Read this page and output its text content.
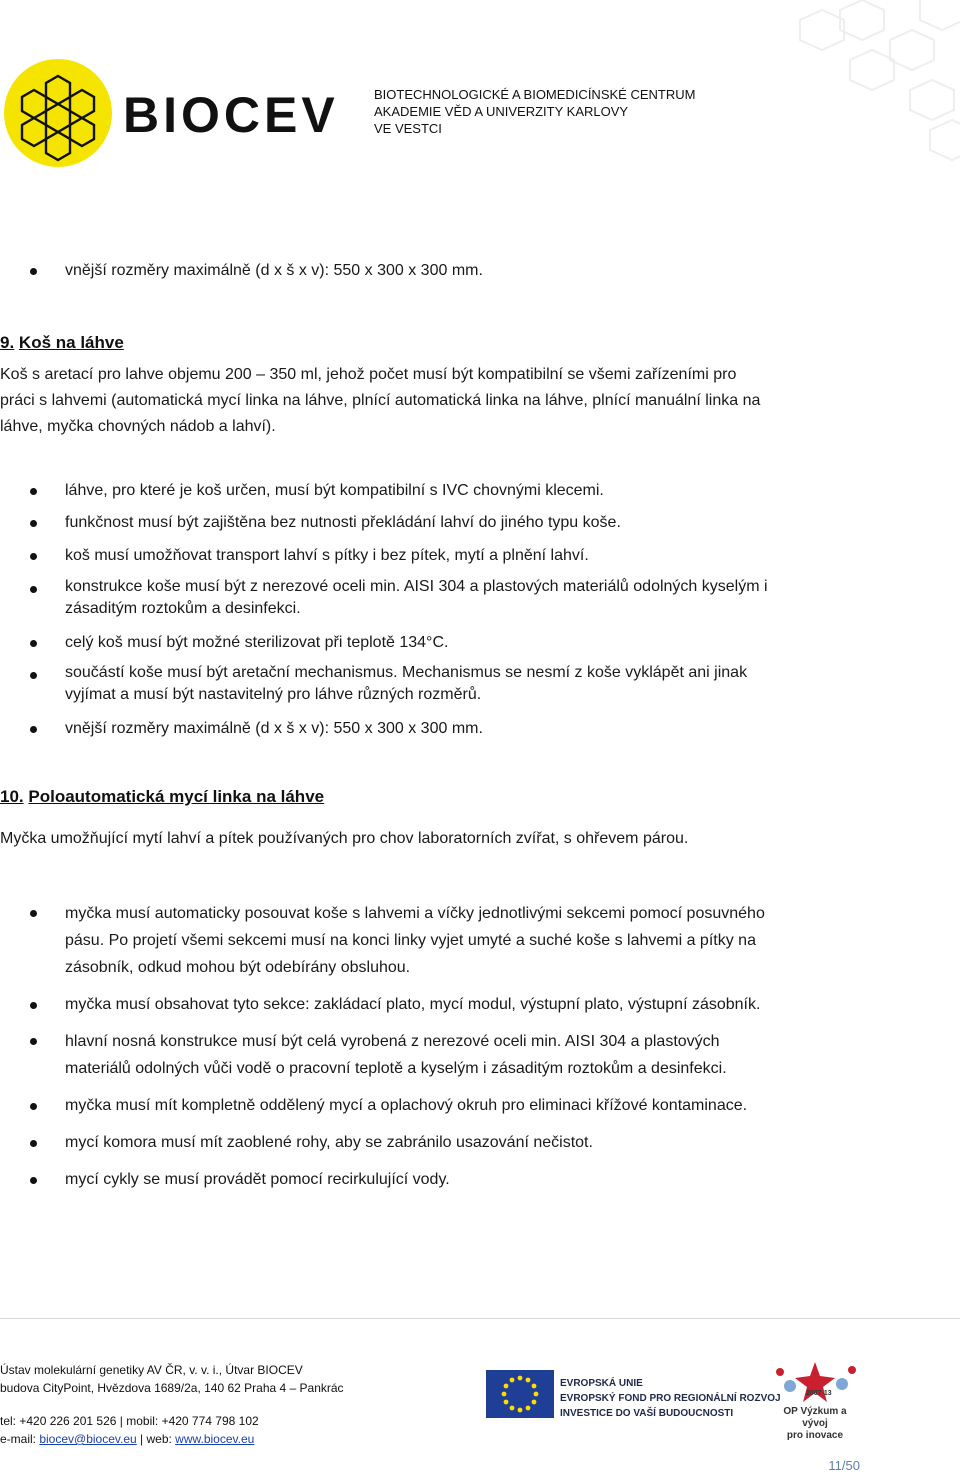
BIOCEV	BIOTECHNOLOGICKÉ A BIOMEDICÍNSKÉ CENTRUM
AKADEMIE VĚD A UNIVERZITY KARLOVY
VE VESTCI
vnější rozměry maximálně (d x š x v): 550 x 300 x 300 mm.
9. Koš na láhve
Koš s aretací pro lahve objemu 200 – 350 ml, jehož počet musí být kompatibilní se všemi zařízeními pro
práci s lahvemi (automatická mycí linka na láhve, plnící automatická linka na láhve, plnící manuální linka na
láhve, myčka chovných nádob a lahví).
láhve, pro které je koš určen, musí být kompatibilní s IVC chovnými klecemi.
funkčnost musí být zajištěna bez nutnosti překládání lahví do jiného typu koše.
koš musí umožňovat transport lahví s pítky i bez pítek, mytí a plnění lahví.
konstrukce koše musí být z nerezové oceli min. AISI 304 a plastových materiálů odolných kyselým i
zásaditým roztokům a desinfekci.
celý koš musí být možné sterilizovat při teplotě 134°C.
součástí koše musí být aretační mechanismus. Mechanismus se nesmí z koše vyklápět ani jinak
vyjímat a musí být nastavitelný pro láhve různých rozměrů.
vnější rozměry maximálně (d x š x v): 550 x 300 x 300 mm.
10. Poloautomatická mycí linka na láhve
Myčka umožňující mytí lahví a pítek používaných pro chov laboratorních zvířat, s ohřevem párou.
myčka musí automaticky posouvat koše s lahvemi a víčky jednotlivými sekcemi pomocí posuvného
pásu. Po projetí všemi sekcemi musí na konci linky vyjet umyté a suché koše s lahvemi a pítky na
zásobník, odkud mohou být odebírány obsluhou.
myčka musí obsahovat tyto sekce: zakládací plato, mycí modul, výstupní plato, výstupní zásobník.
hlavní nosná konstrukce musí být celá vyrobená z nerezové oceli min. AISI 304 a plastových
materiálů odolných vůči vodě o pracovní teplotě a kyselým i zásaditým roztokům a desinfekci.
myčka musí mít kompletně oddělený mycí a oplachový okruh pro eliminaci křížové kontaminace.
mycí komora musí mít zaoblené rohy, aby se zabránilo usazování nečistot.
mycí cykly se musí provádět pomocí recirkulující vody.
Ústav molekulární genetiky AV ČR, v. v. i., Útvar BIOCEV
budova CityPoint, Hvězdova 1689/2a, 140 62 Praha 4 – Pankrác
tel: +420 226 201 526 | mobil: +420 774 798 102
e-mail: biocev@biocev.eu | web: www.biocev.eu
EVROPSKÁ UNIE
EVROPSKÝ FOND PRO REGIONÁLNÍ ROZVOJ
INVESTICE DO VAŠÍ BUDOUCNOSTI
2007-13
OP Výzkum a vývoj
pro inovace
11/50
